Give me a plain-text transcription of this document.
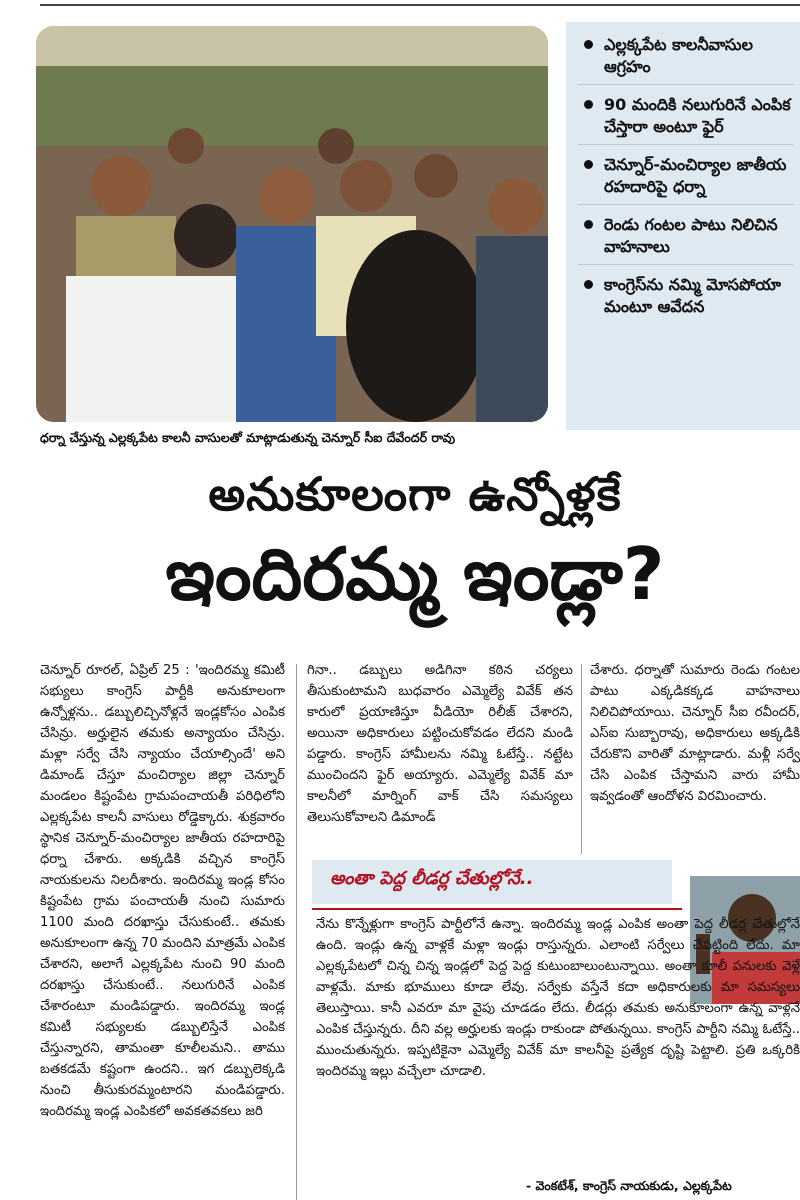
ధర్నా చేస్తున్న ఎల్లక్కపేట కాలనీ వాసులతో మాట్లాడుతున్న చెన్నూర్ సీఐ దేవేందర్ రావు
ఎల్లక్కపేట కాలనీవాసుల ఆగ్రహం
90 మందికి నలుగురినే ఎంపిక చేస్తారా అంటూ ఫైర్
చెన్నూర్-మంచిర్యాల జాతీయ రహదారిపై ధర్నా
రెండు గంటల పాటు నిలిచిన వాహనాలు
కాంగ్రెస్‌ను నమ్మి మోసపోయా మంటూ ఆవేదన
అనుకూలంగా ఉన్నోళ్లకే
ఇందిరమ్మ ఇండ్లా?
చెన్నూర్ రూరల్, ఏప్రిల్ 25 : 'ఇందిరమ్మ కమిటీ సభ్యులు కాంగ్రెస్ పార్టీకి అనుకూలంగా ఉన్నోళ్లను.. డబ్బులిచ్చినోళ్లనే ఇండ్లకోసం ఎంపిక చేసిన్రు. అర్హులైన తమకు అన్యాయం చేసిన్రు. మళ్లా సర్వే చేసి న్యాయం చేయాల్సిందే' అని డిమాండ్ చేస్తూ మంచిర్యాల జిల్లా చెన్నూర్ మండలం కిష్టంపేట గ్రామపంచాయతీ పరిధిలోని ఎల్లక్కపేట కాలనీ వాసులు రోడ్డెక్కారు. శుక్రవారం స్థానిక చెన్నూర్-మంచిర్యాల జాతీయ రహదారిపై ధర్నా చేశారు. అక్కడికి వచ్చిన కాంగ్రెస్ నాయకులను నిలదీశారు. ఇందిరమ్మ ఇండ్ల కోసం కిష్టంపేట గ్రామ పంచాయతీ నుంచి సుమారు 1100 మంది దరఖాస్తు చేసుకుంటే.. తమకు అనుకూలంగా ఉన్న 70 మందిని మాత్రమే ఎంపిక చేశారని, అలాగే ఎల్లక్కపేట నుంచి 90 మంది దరఖాస్తు చేసుకుంటే.. నలుగురినే ఎంపిక చేశారంటూ మండిపడ్డారు. ఇందిరమ్మ ఇండ్ల కమిటీ సభ్యులకు డబ్బులిస్తేనే ఎంపిక చేస్తున్నారని, తామంతా కూలీలమని.. తాము బతకడమే కష్టంగా ఉందని.. ఇగ డబ్బులెక్కడి నుంచి తీసుకురమ్మంటారని మండిపడ్డారు. ఇందిరమ్మ ఇండ్ల ఎంపికలో అవకతవకలు జరి
గినా.. డబ్బులు అడిగినా కఠిన చర్యలు తీసుకుంటామని బుధవారం ఎమ్మెల్యే వివేక్ తన కారులో ప్రయాణిస్తూ వీడియో రిలీజ్ చేశారని, అయినా అధికారులు పట్టించుకోవడం లేదని మండి పడ్డారు. కాంగ్రెస్ హామీలను నమ్మి ఓటేస్తే.. నట్టేట ముంచిందని ఫైర్ అయ్యారు. ఎమ్మెల్యే వివేక్ మా కాలనీలో మార్నింగ్ వాక్ చేసి సమస్యలు తెలుసుకోవాలని డిమాండ్
చేశారు. ధర్నాతో సుమారు రెండు గంటల పాటు ఎక్కడికక్కడ వాహనాలు నిలిచిపోయాయి. చెన్నూర్ సీఐ రవీందర్, ఎస్ఐ సుబ్బారావు, అధికారులు అక్కడికి చేరుకొని వారితో మాట్లాడారు. మళ్లీ సర్వే చేసి ఎంపిక చేస్తామని వారు హామీ ఇవ్వడంతో ఆందోళన విరమించారు.
అంతా పెద్ద లీడర్ల చేతుల్లోనే..
నేను కొన్నేళ్లుగా కాంగ్రెస్ పార్టీలోనే ఉన్నా. ఇందిరమ్మ ఇండ్ల ఎంపిక అంతా పెద్ద లీడర్ల చేతుల్లోనే ఉంది. ఇండ్లు ఉన్న వాళ్లకే మళ్లా ఇండ్లు రాస్తున్నరు. ఎలాంటి సర్వేలు చేపట్టింది లేదు. మా ఎల్లక్కపేటలో చిన్న చిన్న ఇండ్లలో పెద్ద పెద్ద కుటుంబాలుంటున్నాయి. అంతా కూలీ పనులకు వెళ్లే వాళ్లమే. మాకు భూములు కూడా లేవు. సర్వేకు వస్తేనే కదా అధికారులకు మా సమస్యలు తెలుస్తాయి. కానీ ఎవరూ మా వైపు చూడడం లేదు. లీడర్లు తమకు అనుకూలంగా ఉన్న వాళ్లనే ఎంపిక చేస్తున్నరు. దీని వల్ల అర్హులకు ఇండ్లు రాకుండా పోతున్నయి. కాంగ్రెస్ పార్టీని నమ్మి ఓటేస్తే.. ముంచుతున్నరు. ఇప్పటికైనా ఎమ్మెల్యే వివేక్ మా కాలనీపై ప్రత్యేక దృష్టి పెట్టాలి. ప్రతి ఒక్కరికి ఇందిరమ్మ ఇల్లు వచ్చేలా చూడాలి.
- వెంకటేశ్, కాంగ్రెస్ నాయకుడు, ఎల్లక్కపేట
